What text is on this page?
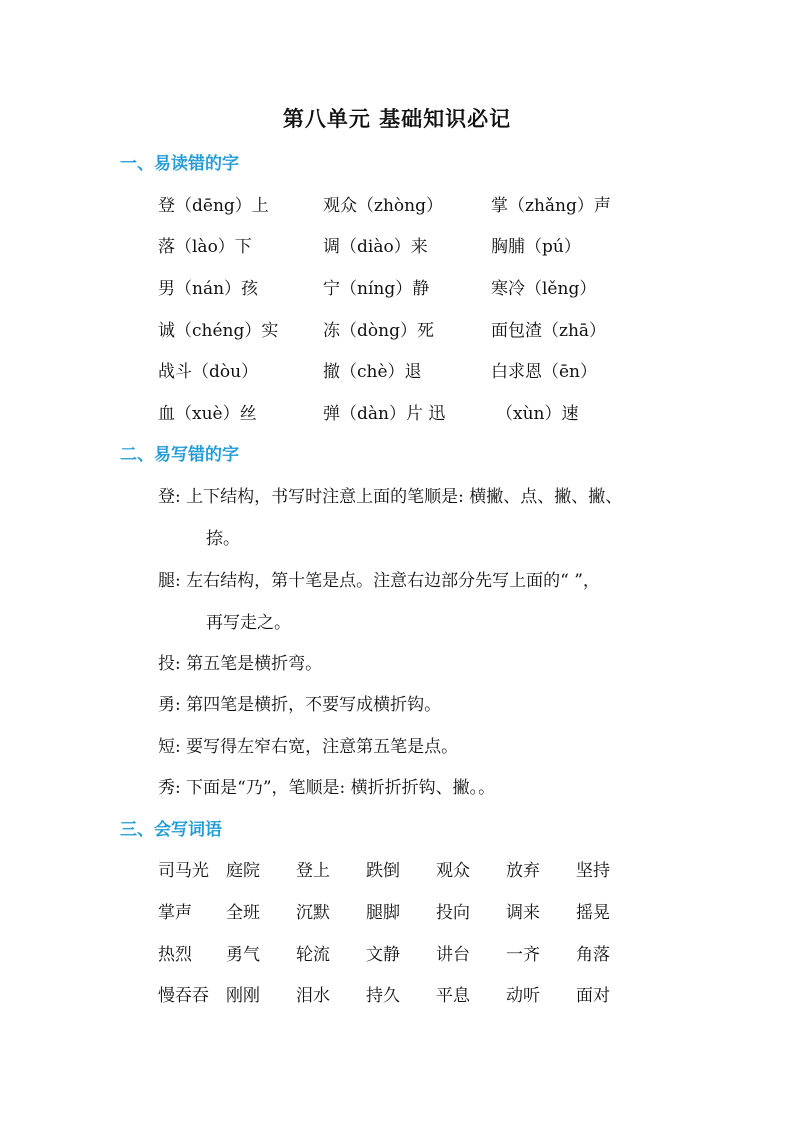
第八单元 基础知识必记
一、易读错的字
登（dēng）上	观众（zhòng）	掌（zhǎng）声
落（lào）下	调（diào）来	胸脯（pú）
男（nán）孩	宁（níng）静	寒冷（lěng）
诚（chéng）实	冻（dòng）死	面包渣（zhā）
战斗（dòu）	撤（chè）退	白求恩（ēn）
血（xuè）丝	弹（dàn）片 迅	（xùn）速
二、易写错的字
登: 上下结构，书写时注意上面的笔顺是: 横撇、点、撇、撇、
捺。
腿: 左右结构，第十笔是点。注意右边部分先写上面的“ ”，
再写走之。
投: 第五笔是横折弯。
勇: 第四笔是横折，不要写成横折钩。
短: 要写得左窄右宽，注意第五笔是点。
秀: 下面是“乃”，笔顺是: 横折折折钩、撇。。
三、会写词语
司马光 庭院 登上 跌倒 观众 放弃 坚持
掌声 全班 沉默 腿脚 投向 调来 摇晃
热烈 勇气 轮流 文静 讲台 一齐 角落
慢吞吞 刚刚 泪水 持久 平息 动听 面对
